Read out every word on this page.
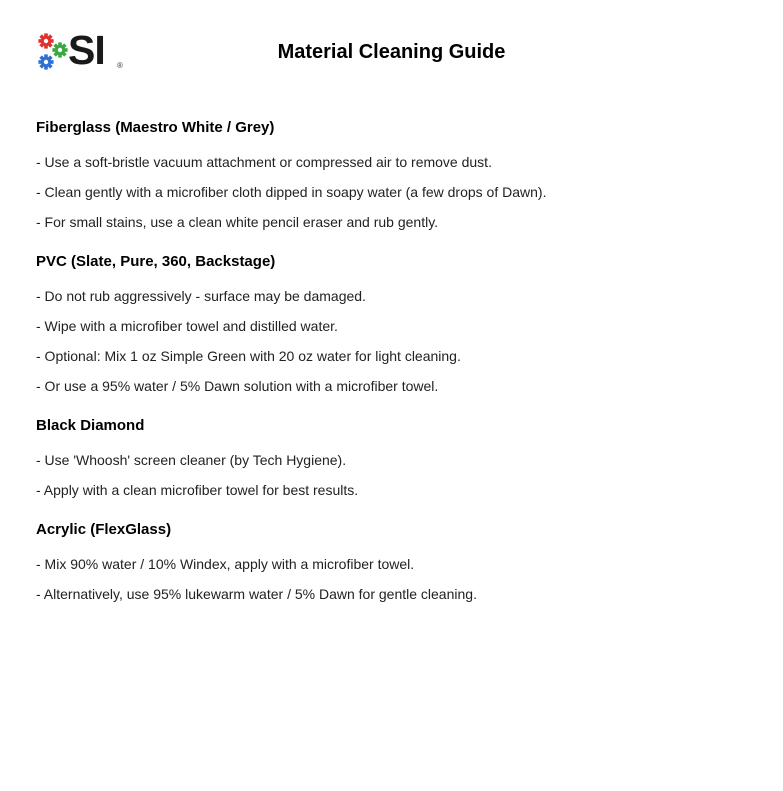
SI ®
Material Cleaning Guide
Fiberglass (Maestro White / Grey)
- Use a soft-bristle vacuum attachment or compressed air to remove dust.
- Clean gently with a microfiber cloth dipped in soapy water (a few drops of Dawn).
- For small stains, use a clean white pencil eraser and rub gently.
PVC (Slate, Pure, 360, Backstage)
- Do not rub aggressively - surface may be damaged.
- Wipe with a microfiber towel and distilled water.
- Optional: Mix 1 oz Simple Green with 20 oz water for light cleaning.
- Or use a 95% water / 5% Dawn solution with a microfiber towel.
Black Diamond
- Use 'Whoosh' screen cleaner (by Tech Hygiene).
- Apply with a clean microfiber towel for best results.
Acrylic (FlexGlass)
- Mix 90% water / 10% Windex, apply with a microfiber towel.
- Alternatively, use 95% lukewarm water / 5% Dawn for gentle cleaning.
